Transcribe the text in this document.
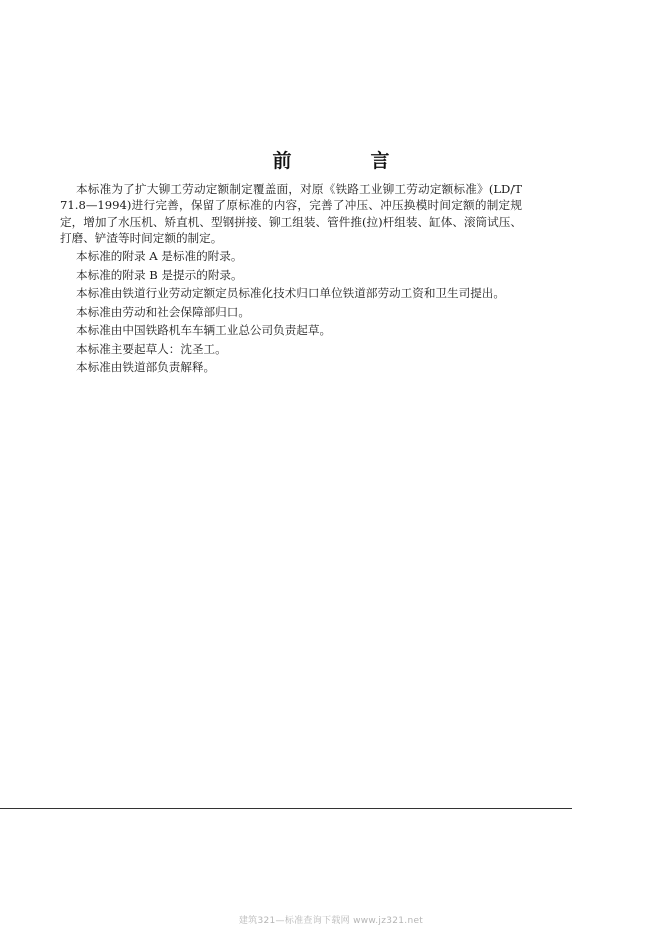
前　言

本标准为了扩大铆工劳动定额制定覆盖面，对原《铁路工业铆工劳动定额标准》(LD/T 71.8—1994)进行完善，保留了原标准的内容，完善了冲压、冲压换模时间定额的制定规定，增加了水压机、矫直机、型钢拼接、铆工组装、管件推(拉)杆组装、缸体、滚筒试压、打磨、铲渣等时间定额的制定。

本标准的附录 A 是标准的附录。

本标准的附录 B 是提示的附录。

本标准由铁道行业劳动定额定员标准化技术归口单位铁道部劳动工资和卫生司提出。

本标准由劳动和社会保障部归口。

本标准由中国铁路机车车辆工业总公司负责起草。

本标准主要起草人：沈圣工。

本标准由铁道部负责解释。

建筑321—标准查询下载网 www.jz321.net
